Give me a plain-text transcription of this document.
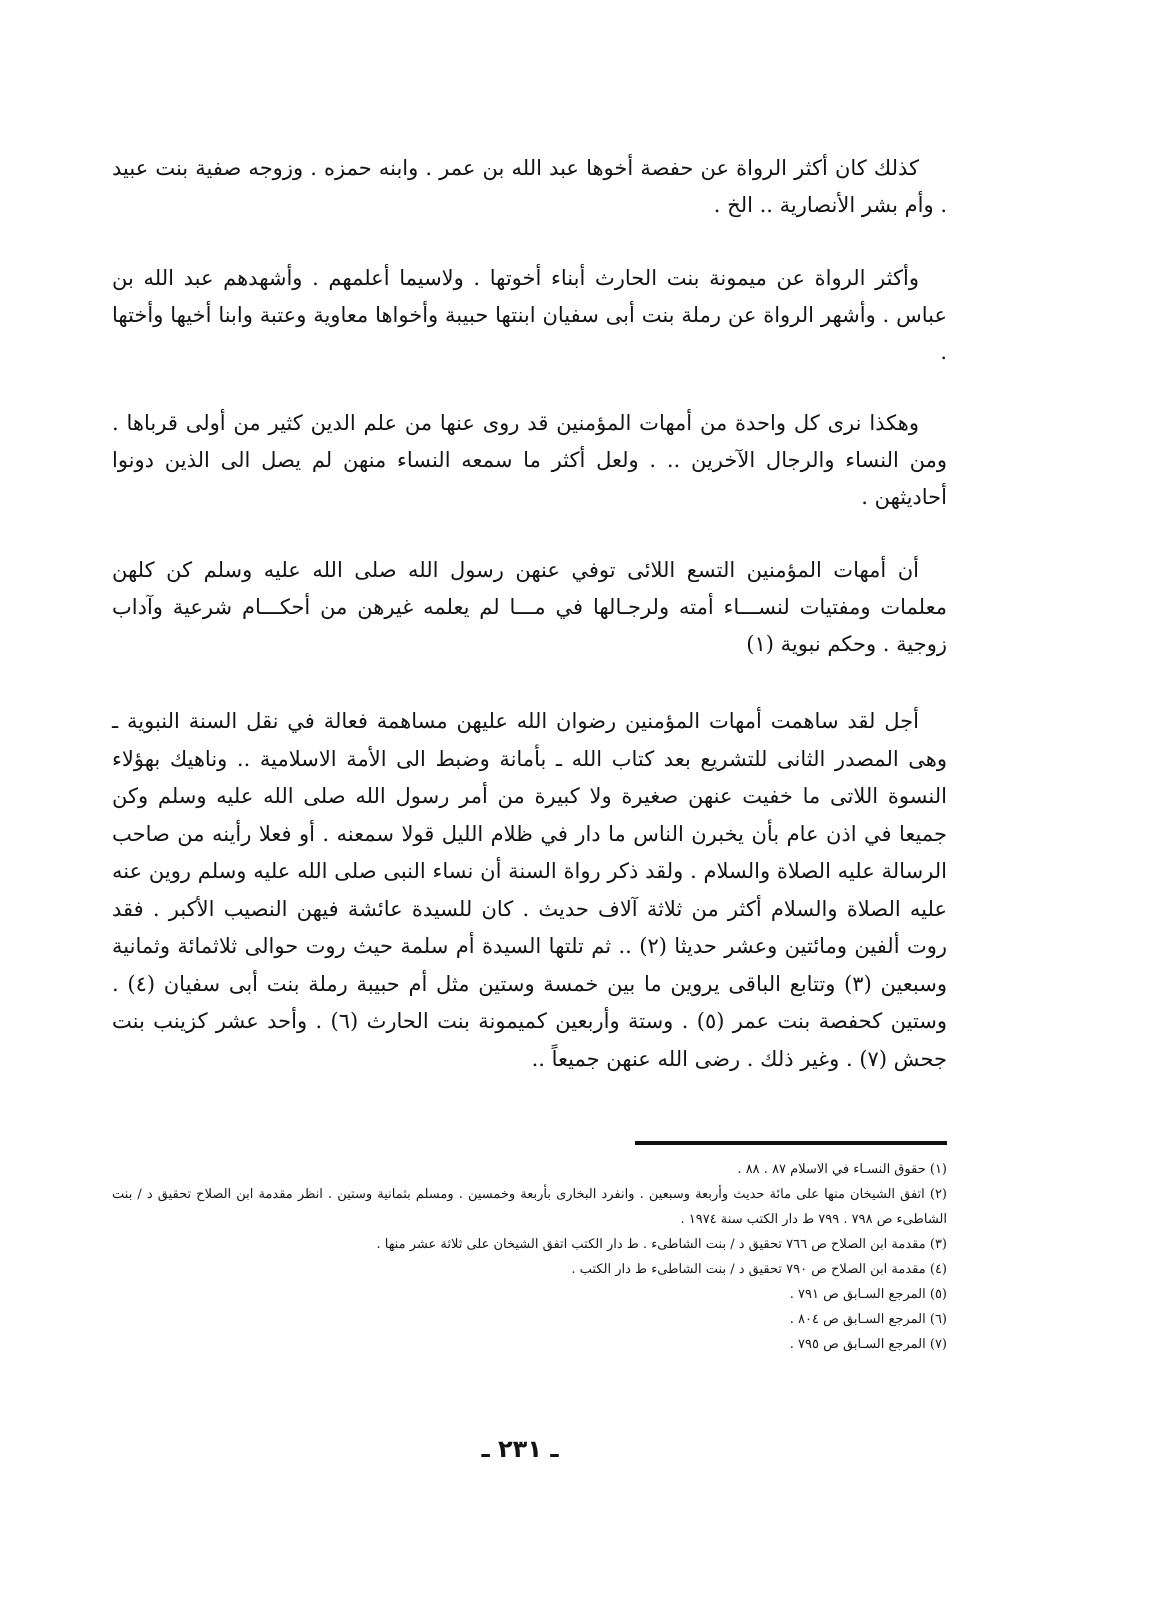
كذلك كان أكثر الرواة عن حفصة أخوها عبد الله بن عمر . وابنه حمزه . وزوجه صفية بنت عبيد . وأم بشر الأنصارية .. الخ .

وأكثر الرواة عن ميمونة بنت الحارث أبناء أخوتها . ولاسيما أعلمهم . وأشهدهم عبد الله بن عباس . وأشهر الرواة عن رملة بنت أبى سفيان ابنتها حبيبة وأخواها معاوية وعتبة وابنا أخيها وأختها .

وهكذا نرى كل واحدة من أمهات المؤمنين قد روى عنها من علم الدين كثير من أولى قرباها . ومن النساء والرجال الآخرين .. . ولعل أكثر ما سمعه النساء منهن لم يصل الى الذين دونوا أحاديثهن .

أن أمهات المؤمنين التسع اللائى توفي عنهن رسول الله صلى الله عليه وسلم كن كلهن معلمات ومفتيات لنســـاء أمته ولرجـالها في مـــا لم يعلمه غيرهن من أحكـــام شرعية وآداب زوجية . وحكم نبوية (١)

أجل لقد ساهمت أمهات المؤمنين رضوان الله عليهن مساهمة فعالة في نقل السنة النبوية ـ وهى المصدر الثانى للتشريع بعد كتاب الله ـ بأمانة وضبط الى الأمة الاسلامية .. وناهيك بهؤلاء النسوة اللاتى ما خفيت عنهن صغيرة ولا كبيرة من أمر رسول الله صلى الله عليه وسلم وكن جميعا في اذن عام بأن يخبرن الناس ما دار في ظلام الليل قولا سمعنه . أو فعلا رأينه من صاحب الرسالة عليه الصلاة والسلام . ولقد ذكر رواة السنة أن نساء النبى صلى الله عليه وسلم روين عنه عليه الصلاة والسلام أكثر من ثلاثة آلاف حديث . كان للسيدة عائشة فيهن النصيب الأكبر . فقد روت ألفين ومائتين وعشر حديثا (٢) .. ثم تلتها السيدة أم سلمة حيث روت حوالى ثلاثمائة وثمانية وسبعين (٣) وتتابع الباقى يروين ما بين خمسة وستين مثل أم حبيبة رملة بنت أبى سفيان (٤) . وستين كحفصة بنت عمر (٥) . وستة وأربعين كميمونة بنت الحارث (٦) . وأحد عشر كزينب بنت جحش (٧) . وغير ذلك . رضى الله عنهن جميعاً ..

(١) حقوق النسـاء في الاسلام ٨٧ . ٨٨ .
(٢) اتفق الشيخان منها على مائة حديث وأربعة وسبعين . وانفرد البخارى بأربعة وخمسين . ومسلم بثمانية وستين . انظر مقدمة ابن الصلاح تحقيق د / بنت الشاطىء ص ٧٩٨ . ٧٩٩ ط دار الكتب سنة ١٩٧٤ .
(٣) مقدمة ابن الصلاح ص ٧٦٦ تحقيق د / بنت الشاطىء . ط دار الكتب اتفق الشيخان على ثلاثة عشر منها .
(٤) مقدمة ابن الصلاح ص ٧٩٠ تحقيق د / بنت الشاطىء ط دار الكتب .
(٥) المرجع السـابق ص ٧٩١ .
(٦) المرجع السـابق ص ٨٠٤ .
(٧) المرجع السـابق ص ٧٩٥ .
ـ ٢٣١ ـ
